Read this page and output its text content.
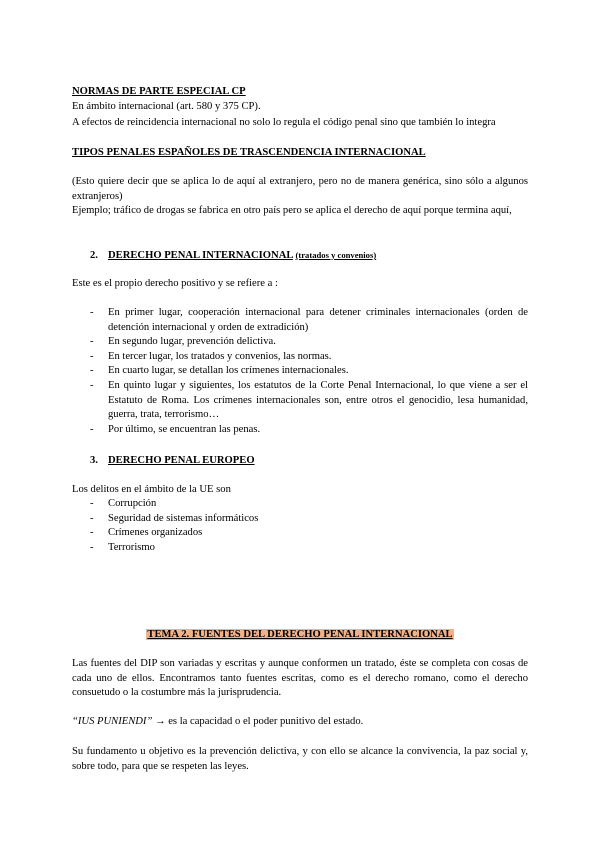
NORMAS DE PARTE ESPECIAL CP
En ámbito internacional (art. 580 y 375 CP).
A efectos de reincidencia internacional no solo lo regula el código penal sino que también lo integra
TIPOS PENALES ESPAÑOLES DE TRASCENDENCIA INTERNACIONAL

(Esto quiere decir que se aplica lo de aquí al extranjero, pero no de manera genérica, sino sólo a algunos extranjeros)

Ejemplo; tráfico de drogas se fabrica en otro país pero se aplica el derecho de aquí porque termina aquí,

2. DERECHO PENAL INTERNACIONAL (tratados y convenios)
Este es el propio derecho positivo y se refiere a :
- En primer lugar, cooperación internacional para detener criminales internacionales (orden de detención internacional y orden de extradición)
- En segundo lugar, prevención delictiva.
- En tercer lugar, los tratados y convenios, las normas.
- En cuarto lugar, se detallan los crímenes internacionales.
- En quinto lugar y siguientes, los estatutos de la Corte Penal Internacional, lo que viene a ser el Estatuto de Roma. Los crímenes internacionales son, entre otros el genocidio, lesa humanidad, guerra, trata, terrorismo…
- Por último, se encuentran las penas.
3. DERECHO PENAL EUROPEO
Los delitos en el ámbito de la UE son
- Corrupción
- Seguridad de sistemas informáticos
- Crímenes organizados
- Terrorismo
TEMA 2. FUENTES DEL DERECHO PENAL INTERNACIONAL

Las fuentes del DIP son variadas y escritas y aunque conformen un tratado, éste se completa con cosas de cada uno de ellos. Encontramos tanto fuentes escritas, como es el derecho romano, como el derecho consuetudo o la costumbre más la jurisprudencia.

“IUS PUNIENDI” → es la capacidad o el poder punitivo del estado.

Su fundamento u objetivo es la prevención delictiva, y con ello se alcance la convivencia, la paz social y, sobre todo, para que se respeten las leyes.
